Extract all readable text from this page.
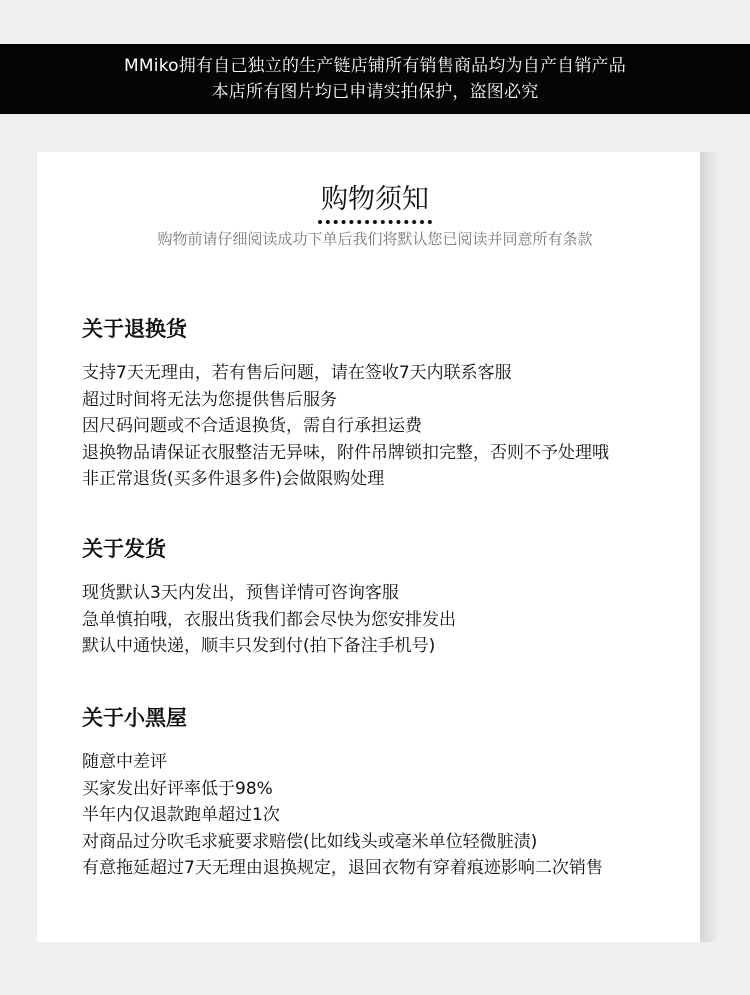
MMiko拥有自己独立的生产链店铺所有销售商品均为自产自销产品
本店所有图片均已申请实拍保护，盗图必究
购物须知
购物前请仔细阅读成功下单后我们将默认您已阅读并同意所有条款
关于退换货
支持7天无理由，若有售后问题，请在签收7天内联系客服
超过时间将无法为您提供售后服务
因尺码问题或不合适退换货，需自行承担运费
退换物品请保证衣服整洁无异味，附件吊牌锁扣完整，否则不予处理哦
非正常退货(买多件退多件)会做限购处理
关于发货
现货默认3天内发出，预售详情可咨询客服
急单慎拍哦，衣服出货我们都会尽快为您安排发出
默认中通快递，顺丰只发到付(拍下备注手机号)
关于小黑屋
随意中差评
买家发出好评率低于98%
半年内仅退款跑单超过1次
对商品过分吹毛求疵要求赔偿(比如线头或毫米单位轻微脏渍)
有意拖延超过7天无理由退换规定，退回衣物有穿着痕迹影响二次销售
